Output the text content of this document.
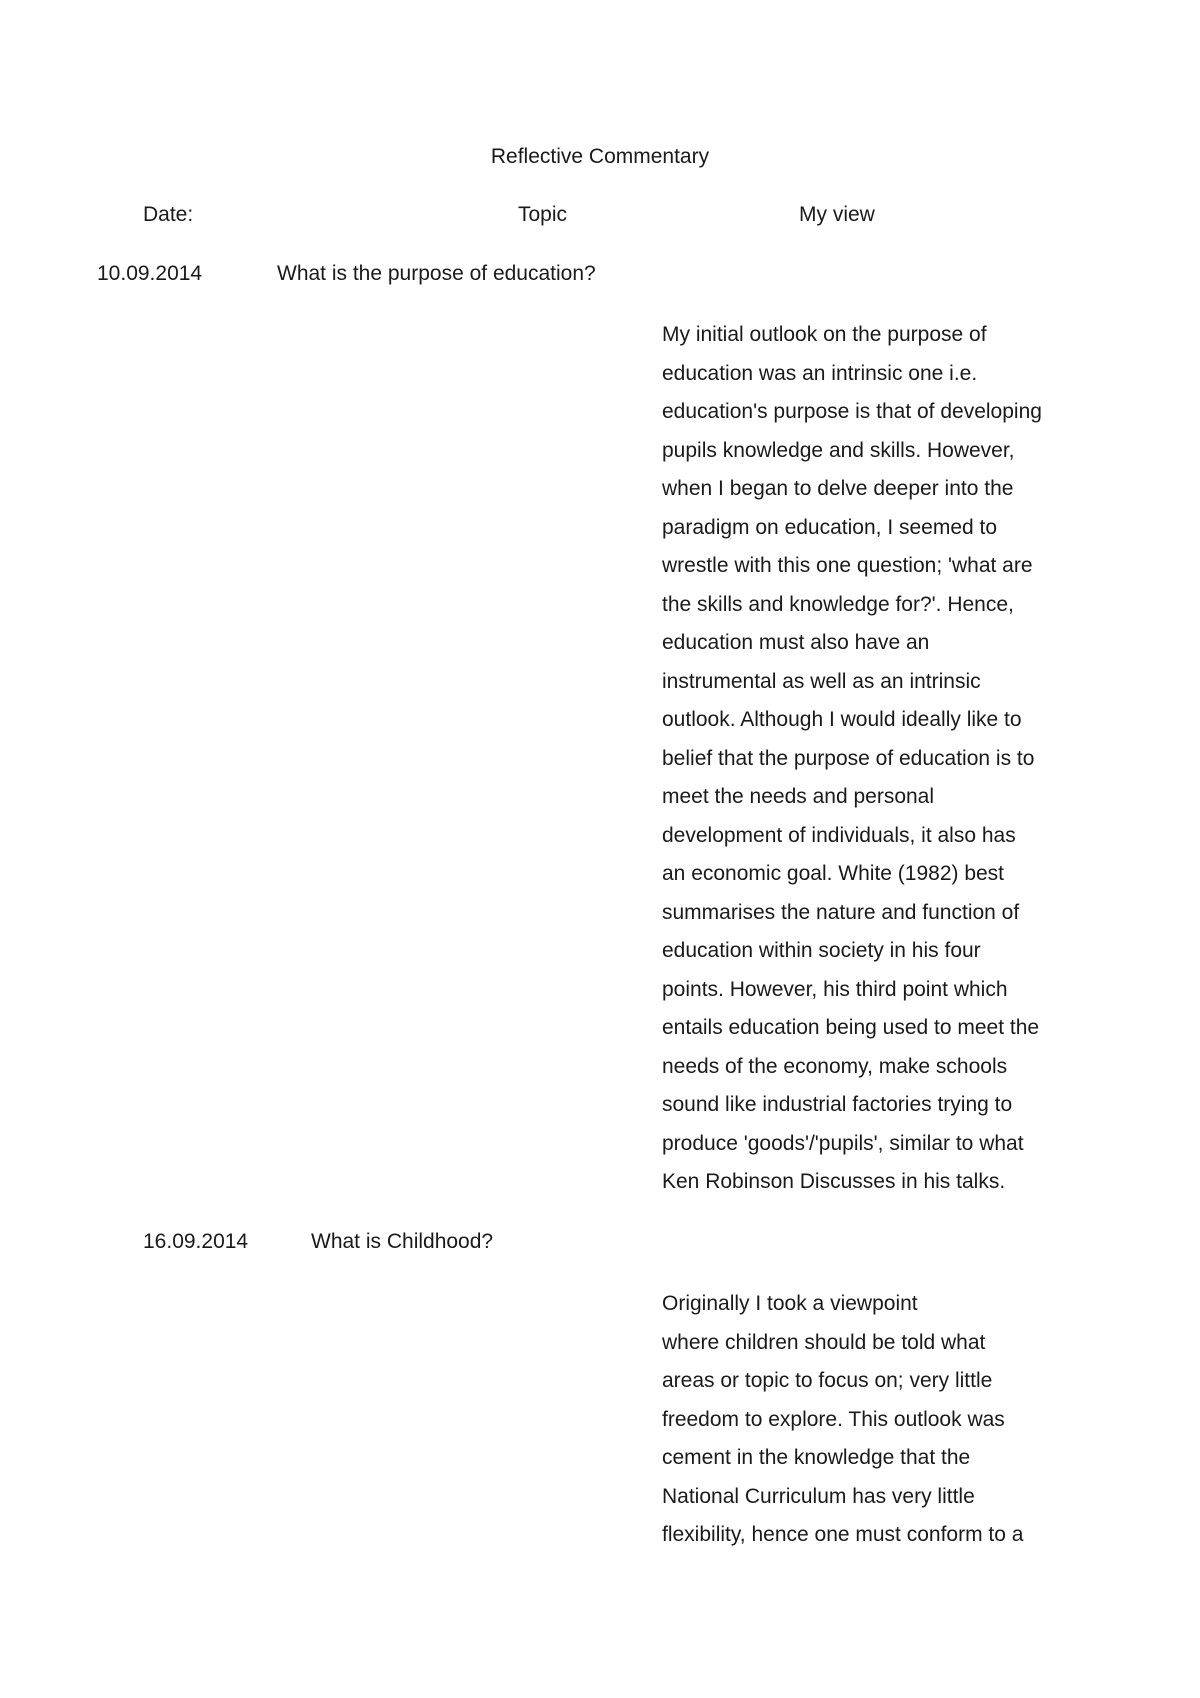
Reflective Commentary
Date:	Topic	My view
10.09.2014	What is the purpose of education?
My initial outlook on the purpose of
education was an intrinsic one i.e.
education's purpose is that of developing
pupils knowledge and skills. However,
when I began to delve deeper into the
paradigm on education, I seemed to
wrestle with this one question; 'what are
the skills and knowledge for?'. Hence,
education must also have an
instrumental as well as an intrinsic
outlook. Although I would ideally like to
belief that the purpose of education is to
meet the needs and personal
development of individuals, it also has
an economic goal. White (1982) best
summarises the nature and function of
education within society in his four
points. However, his third point which
entails education being used to meet the
needs of the economy, make schools
sound like industrial factories trying to
produce 'goods'/'pupils', similar to what
Ken Robinson Discusses in his talks.
16.09.2014	What is Childhood?
Originally I took a viewpoint
where children should be told what
areas or topic to focus on; very little
freedom to explore. This outlook was
cement in the knowledge that the
National Curriculum has very little
flexibility, hence one must conform to a
